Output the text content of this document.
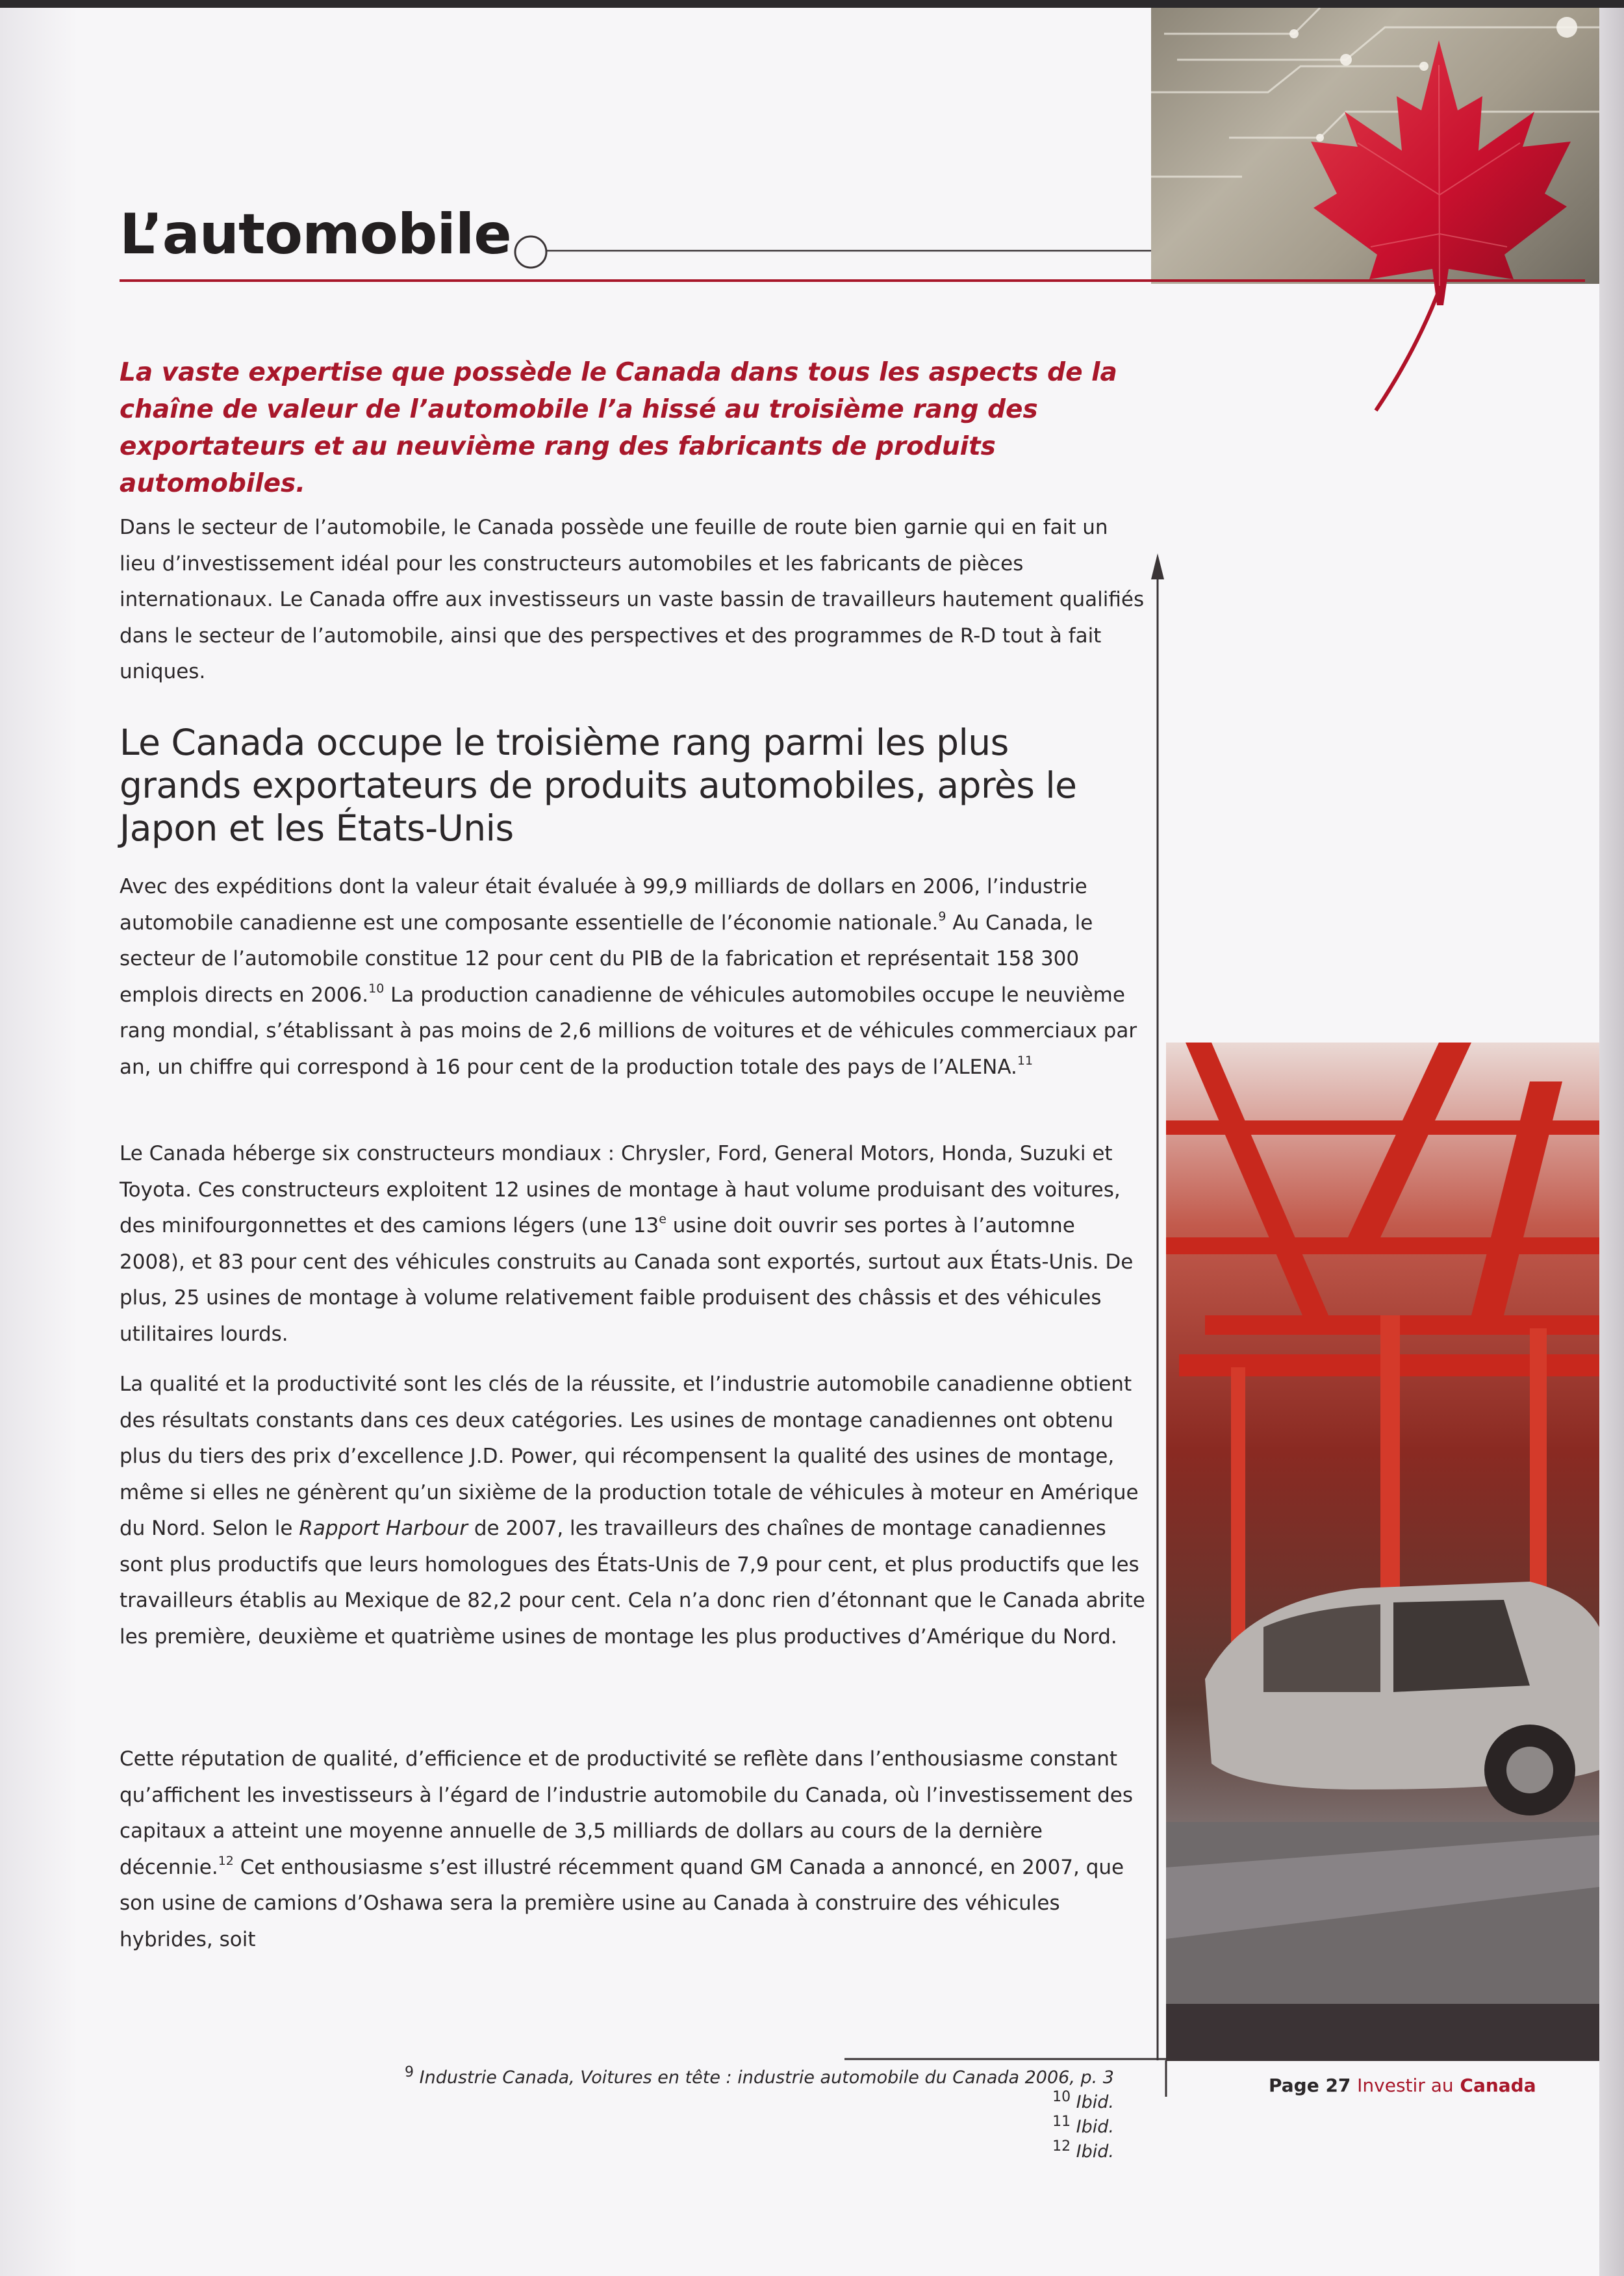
L’automobile

La vaste expertise que possède le Canada dans tous les aspects de la chaîne de valeur de l’automobile l’a hissé au troisième rang des exportateurs et au neuvième rang des fabricants de produits automobiles.

Dans le secteur de l’automobile, le Canada possède une feuille de route bien garnie qui en fait un lieu d’investissement idéal pour les constructeurs automobiles et les fabricants de pièces internationaux. Le Canada offre aux investisseurs un vaste bassin de travailleurs hautement qualifiés dans le secteur de l’automobile, ainsi que des perspectives et des programmes de R-D tout à fait uniques.

Le Canada occupe le troisième rang parmi les plus grands exportateurs de produits automobiles, après le Japon et les États-Unis

Avec des expéditions dont la valeur était évaluée à 99,9 milliards de dollars en 2006, l’industrie automobile canadienne est une composante essentielle de l’économie nationale.$^9$ Au Canada, le secteur de l’automobile constitue 12 pour cent du PIB de la fabrication et représentait 158 300 emplois directs en 2006.10 La production canadienne de véhicules automobiles occupe le neuvième rang mondial, s’établissant à pas moins de 2,6 millions de voitures et de véhicules commerciaux par an, un chiffre qui correspond à 16 pour cent de la production totale des pays de l’ALENA.$^{11}$

Le Canada héberge six constructeurs mondiaux : Chrysler, Ford, General Motors, Honda, Suzuki et Toyota. Ces constructeurs exploitent 12 usines de montage à haut volume produisant des voitures, des minifourgonnettes et des camions légers (une 13e usine doit ouvrir ses portes à l’automne 2008), et 83 pour cent des véhicules construits au Canada sont exportés, surtout aux États-Unis. De plus, 25 usines de montage à volume relativement faible produisent des châssis et des véhicules utilitaires lourds.

La qualité et la productivité sont les clés de la réussite, et l’industrie automobile canadienne obtient des résultats constants dans ces deux catégories. Les usines de montage canadiennes ont obtenu plus du tiers des prix d’excellence J.D. Power, qui récompensent la qualité des usines de montage, même si elles ne génèrent qu’un sixième de la production totale de véhicules à moteur en Amérique du Nord. Selon le Rapport Harbour de 2007, les travailleurs des chaînes de montage canadiennes sont plus productifs que leurs homologues des États-Unis de 7,9 pour cent, et plus productifs que les travailleurs établis au Mexique de 82,2 pour cent. Cela n’a donc rien d’étonnant que le Canada abrite les première, deuxième et quatrième usines de montage les plus productives d’Amérique du Nord.

Cette réputation de qualité, d’efficience et de productivité se reflète dans l’enthousiasme constant qu’affichent les investisseurs à l’égard de l’industrie automobile du Canada, où l’investissement des capitaux a atteint une moyenne annuelle de 3,5 milliards de dollars au cours de la dernière décennie.$^{12}$ Cet enthousiasme s’est illustré récemment quand GM Canada a annoncé, en 2007, que son usine de camions d’Oshawa sera la première usine au Canada à construire des véhicules hybrides, soit

$^9$ Industrie Canada, Voitures en tête : industrie automobile du Canada 2006, p. 3
$^{10}$ Ibid.
$^{11}$ Ibid.
$^{12}$ Ibid.
Page 27 Investir au Canada
